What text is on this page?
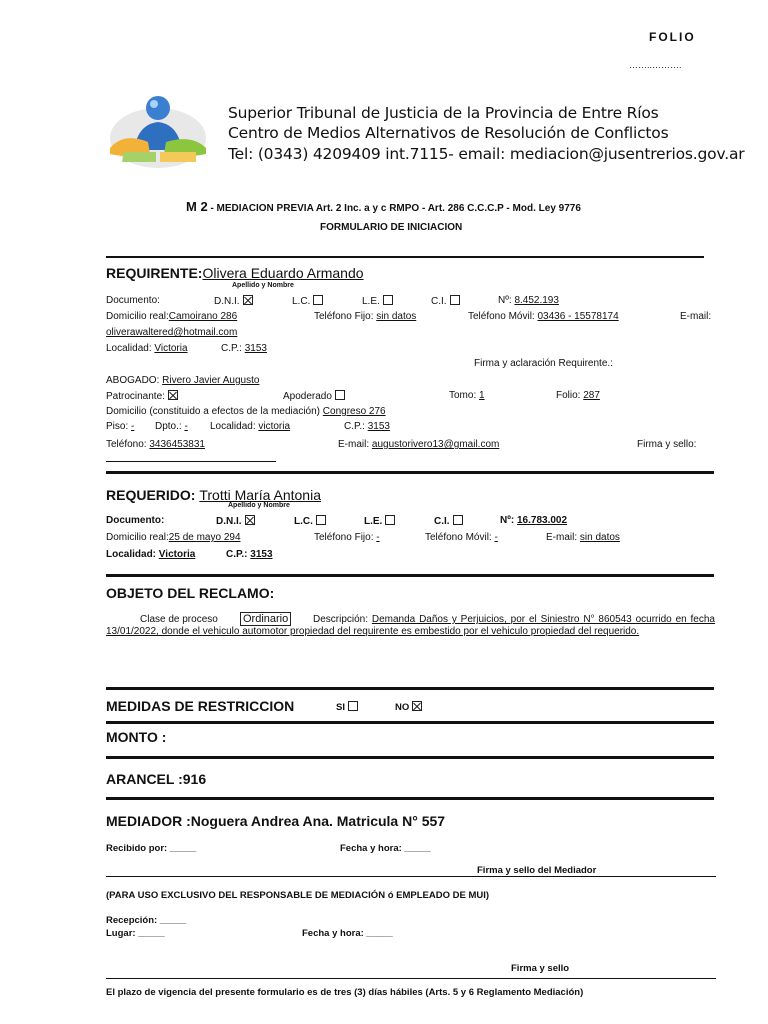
FOLIO
……..……….
Superior Tribunal de Justicia de la Provincia de Entre Ríos
Centro de Medios Alternativos de Resolución de Conflictos
Tel: (0343) 4209409 int.7115- email: mediacion@jusentrerios.gov.ar
M 2 - MEDIACION PREVIA Art. 2 Inc. a y c RMPO - Art. 286 C.C.C.P - Mod. Ley 9776
FORMULARIO DE INICIACION
REQUIRENTE:Olivera Eduardo Armando
Apellido y Nombre
Documento:	D.N.I.	L.C.	L.E.	C.I.	Nº: 8.452.193
Domicilio real:Camoirano 286	Teléfono Fijo: sin datos	Teléfono Móvil: 03436 - 15578174	E-mail:
oliverawaltered@hotmail.com
Localidad: Victoria	C.P.: 3153
Firma y aclaración Requirente.:
ABOGADO: Rivero Javier Augusto
Patrocinante:	Apoderado	Tomo: 1	Folio: 287
Domicilio (constituido a efectos de la mediación) Congreso 276
Piso: - Dpto.: - Localidad: victoria	C.P.: 3153
Teléfono: 3436453831	E-mail: augustorivero13@gmail.com	Firma y sello:
REQUERIDO: Trotti María Antonia
Apellido y Nombre
Documento:	D.N.I.	L.C.	L.E.	C.I.	Nº: 16.783.002
Domicilio real:25 de mayo 294	Teléfono Fijo: -	Teléfono Móvil: -	E-mail: sin datos
Localidad: Victoria	C.P.: 3153
OBJETO DEL RECLAMO:
Clase de proceso Ordinario	Descripción: Demanda Daños y Perjuicios, por el Siniestro N° 860543 ocurrido en fecha 13/01/2022, donde el vehiculo automotor propiedad del requirente es embestido por el vehiculo propiedad del requerido.
MEDIDAS DE RESTRICCION	SI	NO
MONTO :
ARANCEL :916
MEDIADOR :Noguera Andrea Ana. Matricula N° 557
Recibido por: _____	Fecha y hora: _____
Firma y sello del Mediador
(PARA USO EXCLUSIVO DEL RESPONSABLE DE MEDIACIÓN ó EMPLEADO DE MUI)
Recepción: _____
Lugar: _____	Fecha y hora: _____
Firma y sello
El plazo de vigencia del presente formulario es de tres (3) días hábiles (Arts. 5 y 6 Reglamento Mediación)
